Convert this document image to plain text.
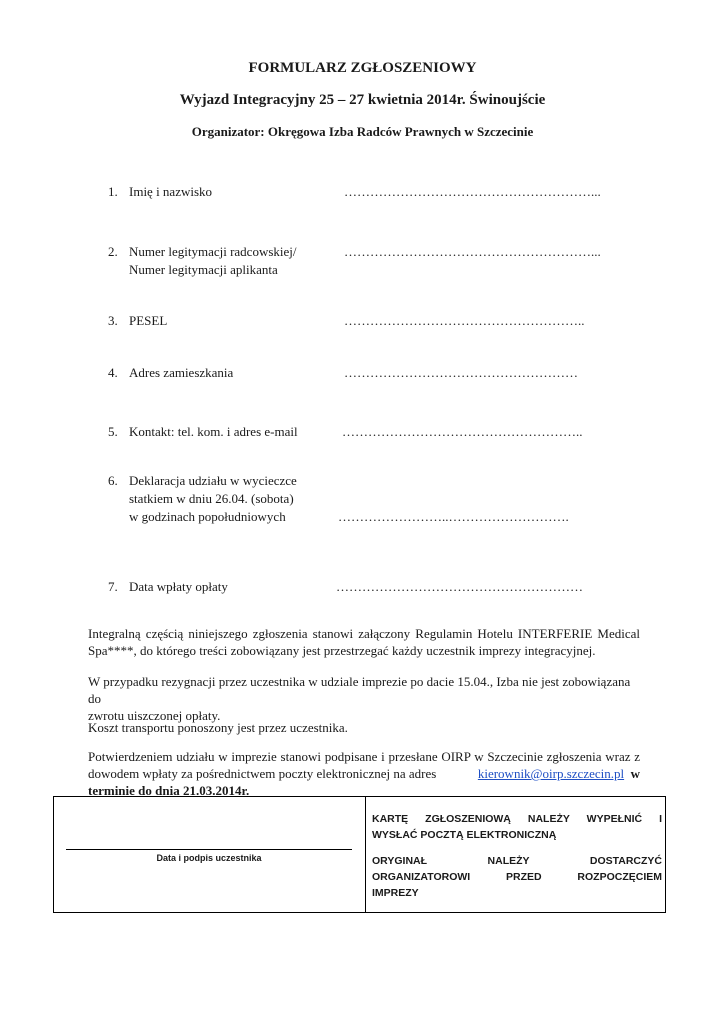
FORMULARZ ZGŁOSZENIOWY
Wyjazd Integracyjny 25 – 27 kwietnia 2014r. Świnoujście
Organizator: Okręgowa Izba Radców Prawnych w Szczecinie
1. Imię i nazwisko	…………………………………………………...
2. Numer legitymacji radcowskiej/
Numer legitymacji aplikanta
…………………………………………………...
3. PESEL	………………………………………………..
4. Adres zamieszkania	………………………………………………
5. Kontakt: tel. kom. i adres e-mail	………………………………………………..
6. Deklaracja udziału w wycieczce
statkiem w dniu 26.04. (sobota)
w godzinach popołudniowych	……………………..……………………….
7. Data wpłaty opłaty	…………………………………………………
Integralną częścią niniejszego zgłoszenia stanowi załączony Regulamin Hotelu INTERFERIE Medical
Spa****, do którego treści zobowiązany jest przestrzegać każdy uczestnik imprezy integracyjnej.
W przypadku rezygnacji przez uczestnika w udziale imprezie po dacie 15.04., Izba nie jest zobowiązana do
zwrotu uiszczonej opłaty.
Koszt transportu ponoszony jest przez uczestnika.
Potwierdzeniem udziału w imprezie stanowi podpisane i przesłane OIRP w Szczecinie zgłoszenia wraz z
dowodem wpłaty za pośrednictwem poczty elektronicznej na adres	kierownik@oirp.szczecin.pl w
terminie do dnia 21.03.2014r.
Data i podpis uczestnika
KARTĘ ZGŁOSZENIOWĄ NALEŻY WYPEŁNIĆ I
WYSŁAĆ POCZTĄ ELEKTRONICZNĄ
ORYGINAŁ NALEŻY DOSTARCZYĆ
ORGANIZATOROWI PRZED ROZPOCZĘCIEM
IMPREZY
